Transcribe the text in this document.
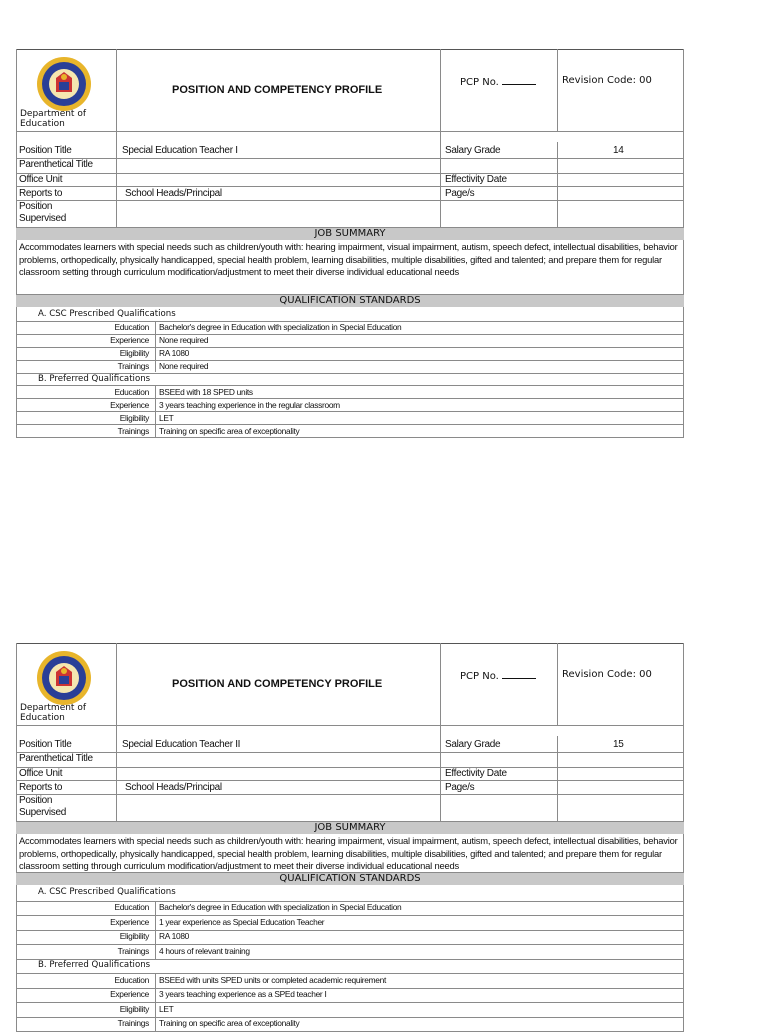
Department of
Education
POSITION AND COMPETENCY PROFILE
PCP No.	Revision Code: 00
Position Title	Special Education Teacher I	Salary Grade	14
Parenthetical Title
Office Unit	Effectivity Date
Reports to	School Heads/Principal	Page/s
Position
Supervised
JOB SUMMARY
Accommodates learners with special needs such as children/youth with: hearing impairment, visual impairment, autism, speech defect, intellectual disabilities, behavior problems, orthopedically, physically handicapped, special health problem, learning disabilities, multiple disabilities, gifted and talented; and prepare them for regular classroom setting through curriculum modification/adjustment to meet their diverse individual educational needs
QUALIFICATION STANDARDS
A. CSC Prescribed Qualifications
Education Bachelor's degree in Education with specialization in Special Education
Experience None required
Eligibility RA 1080
Trainings None required
B. Preferred Qualifications
Education BSEEd with 18 SPED units
Experience 3 years teaching experience in the regular classroom
Eligibility LET
Trainings Training on specific area of exceptionality
Department of
Education
POSITION AND COMPETENCY PROFILE
PCP No.	Revision Code: 00
Position Title	Special Education Teacher II	Salary Grade	15
Parenthetical Title
Office Unit	Effectivity Date
Reports to	School Heads/Principal	Page/s
Position
Supervised
JOB SUMMARY
Accommodates learners with special needs such as children/youth with: hearing impairment, visual impairment, autism, speech defect, intellectual disabilities, behavior problems, orthopedically, physically handicapped, special health problem, learning disabilities, multiple disabilities, gifted and talented; and prepare them for regular classroom setting through curriculum modification/adjustment to meet their diverse individual educational needs
QUALIFICATION STANDARDS
A. CSC Prescribed Qualifications
Education Bachelor's degree in Education with specialization in Special Education
Experience 1 year experience as Special Education Teacher
Eligibility RA 1080
Trainings 4 hours of relevant training
B. Preferred Qualifications
Education BSEEd with units SPED units or completed academic requirement
Experience 3 years teaching experience as a SPEd teacher I
Eligibility LET
Trainings Training on specific area of exceptionality
